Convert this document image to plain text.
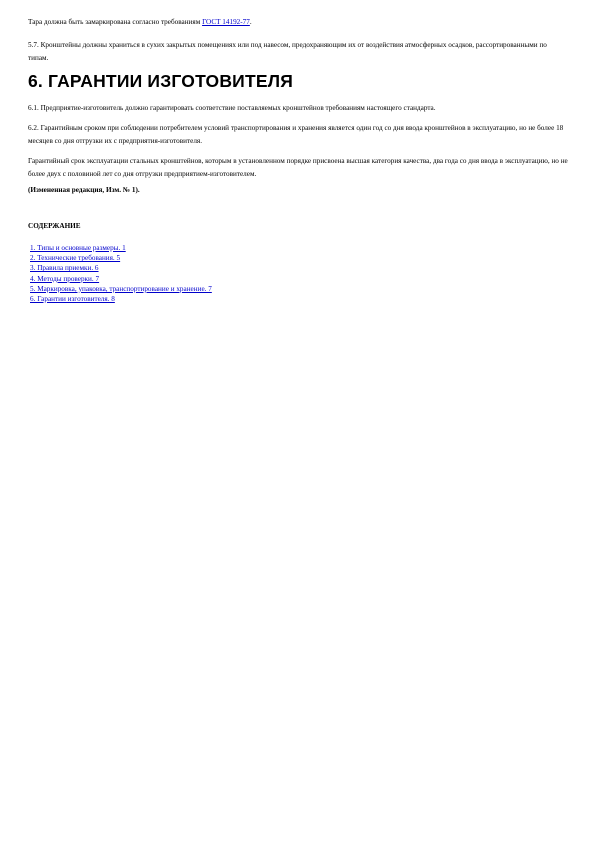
Тара должна быть замаркирована согласно требованиям ГОСТ 14192-77.

5.7. Кронштейны должны храниться в сухих закрытых помещениях или под навесом, предохраняющим их от воздействия атмосферных осадков, рассортированными по типам.

6. ГАРАНТИИ ИЗГОТОВИТЕЛЯ

6.1. Предприятие-изготовитель должно гарантировать соответствие поставляемых кронштейнов требованиям настоящего стандарта.

6.2. Гарантийным сроком при соблюдении потребителем условий транспортирования и хранения является один год со дня ввода кронштейнов в эксплуатацию, но не более 18 месяцев со дня отгрузки их с предприятия-изготовителя.

Гарантийный срок эксплуатации стальных кронштейнов, которым в установленном порядке присвоена высшая категория качества, два года со дня ввода в эксплуатацию, но не более двух с половиной лет со дня отгрузки предприятием-изготовителем.

(Измененная редакция, Изм. № 1).

СОДЕРЖАНИЕ

1. Типы и основные размеры. 1
2. Технические требования. 5
3. Правила приемки. 6
4. Методы проверки. 7
5. Маркировка, упаковка, транспортирование и хранение. 7
6. Гарантии изготовителя. 8
